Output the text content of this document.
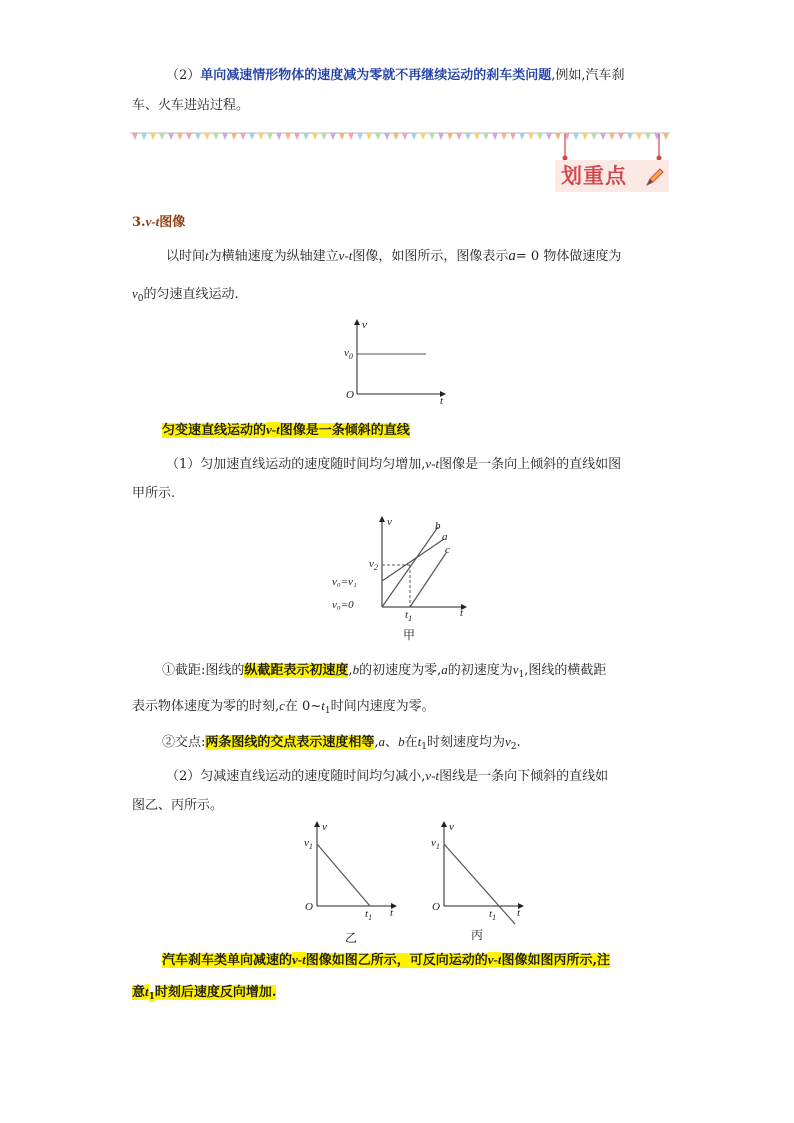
（2）单向减速情形物体的速度减为零就不再继续运动的刹车类问题,例如,汽车刹
车、火车进站过程。
划重点
3.v-t图像
以时间t为横轴速度为纵轴建立v-t图像，如图所示，图像表示a= 0 物体做速度为
$v_0$的匀速直线运动.
v
t
$v_0$
O
匀变速直线运动的v-t图像是一条倾斜的直线
（1）匀加速直线运动的速度随时间均匀增加,v-t图像是一条向上倾斜的直线如图
甲所示.
v
t
b
a
c
$v_2$
v₀=v₁
v₀=0
$t_1$
甲
①截距:图线的纵截距表示初速度,b的初速度为零,a的初速度为$v_1$,图线的横截距
表示物体速度为零的时刻,c在 $0\sim t_1$时间内速度为零。
②交点:两条图线的交点表示速度相等,a、b在$t_1$时刻速度均为$v_2$.
（2）匀减速直线运动的速度随时间均匀减小,v-t图线是一条向下倾斜的直线如
图乙、丙所示。
v
t
$v_1$
O
$t_1$
乙
v
t
$v_1$
O
$t_1$
丙
汽车刹车类单向减速的v-t图像如图乙所示，可反向运动的v-t图像如图丙所示,注
意$t_1$时刻后速度反向增加.
